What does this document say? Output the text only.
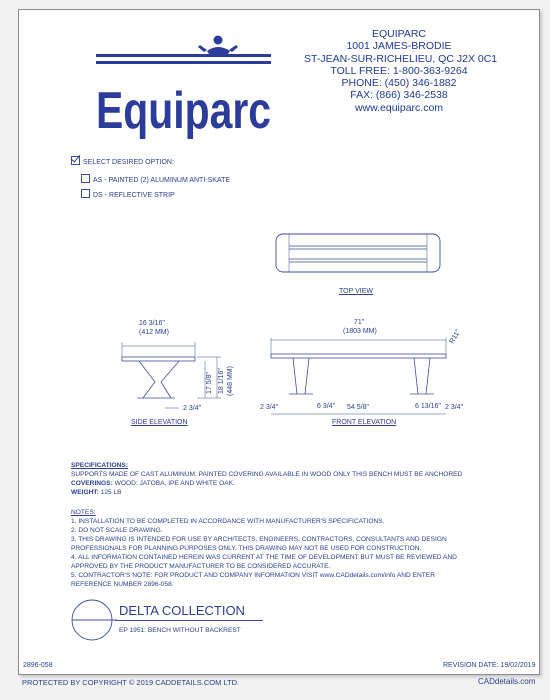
Equiparc
EQUIPARC
1001 JAMES-BRODIE
ST-JEAN-SUR-RICHELIEU, QC J2X 0C1
TOLL FREE: 1-800-363-9264
PHONE: (450) 346-1882
FAX: (866) 346-2538
www.equiparc.com
SELECT DESIRED OPTION:
AS - PAINTED (2) ALUMINUM ANTI-SKATE
DS - REFLECTIVE STRIP
TOP VIEW
16 3/16"
(412 MM)
17 5/8" 18 1/16" (448 MM)
2 3/4"
SIDE ELEVATION
71"
(1803 MM)	R11"
6 3/4"	6 13/16"
2 3/4"	54 5/8"	2 3/4"
FRONT ELEVATION
SPECIFICATIONS:
SUPPORTS MADE OF CAST ALUMINUM. PAINTED COVERING AVAILABLE IN WOOD ONLY THIS BENCH MUST BE ANCHORED
COVERINGS: WOOD: JATOBA, IPE AND WHITE OAK.
WEIGHT: 125 LB
NOTES:
1. INSTALLATION TO BE COMPLETED IN ACCORDANCE WITH MANUFACTURER'S SPECIFICATIONS.
2. DO NOT SCALE DRAWING.
3. THIS DRAWING IS INTENDED FOR USE BY ARCHITECTS, ENGINEERS, CONTRACTORS, CONSULTANTS AND DESIGN
PROFESSIONALS FOR PLANNING PURPOSES ONLY. THIS DRAWING MAY NOT BE USED FOR CONSTRUCTION.
4. ALL INFORMATION CONTAINED HEREIN WAS CURRENT AT THE TIME OF DEVELOPMENT BUT MUST BE REVIEWED AND
APPROVED BY THE PRODUCT MANUFACTURER TO BE CONSIDERED ACCURATE.
5. CONTRACTOR'S NOTE: FOR PRODUCT AND COMPANY INFORMATION VISIT www.CADdetails.com/info AND ENTER
REFERENCE NUMBER 2896-058.
DELTA COLLECTION
EP 1951: BENCH WITHOUT BACKREST
2896-058	REVISION DATE: 19/02/2019
PROTECTED BY COPYRIGHT © 2019 CADDETAILS.COM LTD.	CADdetails.com
